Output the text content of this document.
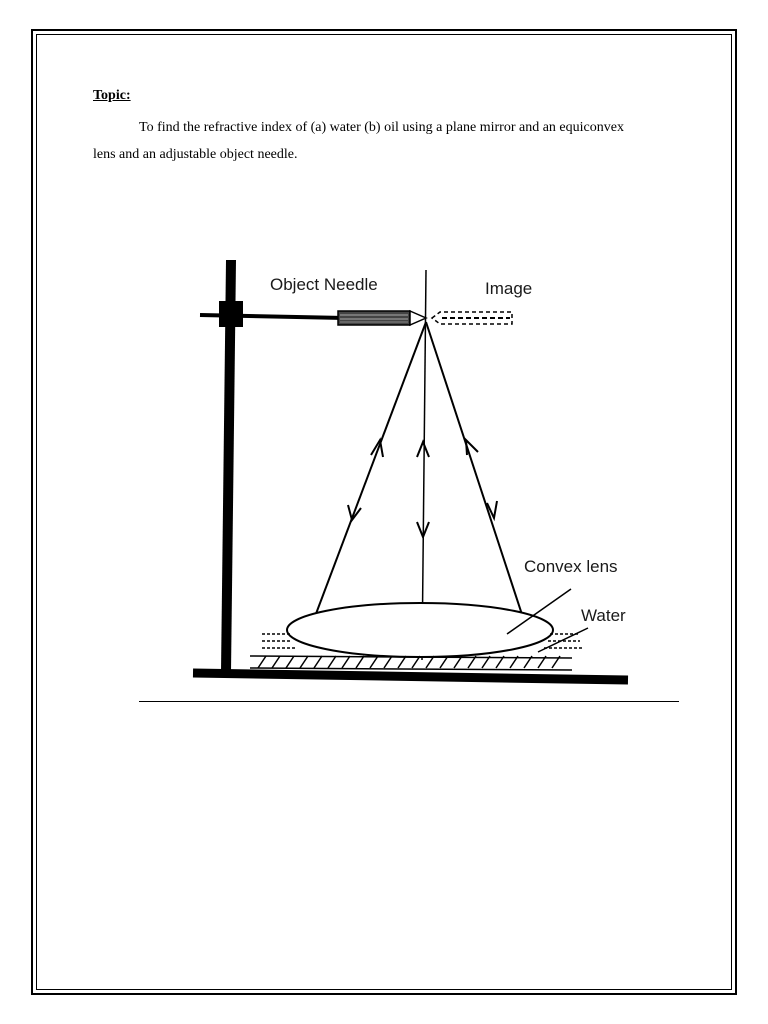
Topic:
To find the refractive index of (a) water (b) oil using a plane mirror and an equiconvex lens and an adjustable object needle.
Object Needle	Image
Convex lens
Water
